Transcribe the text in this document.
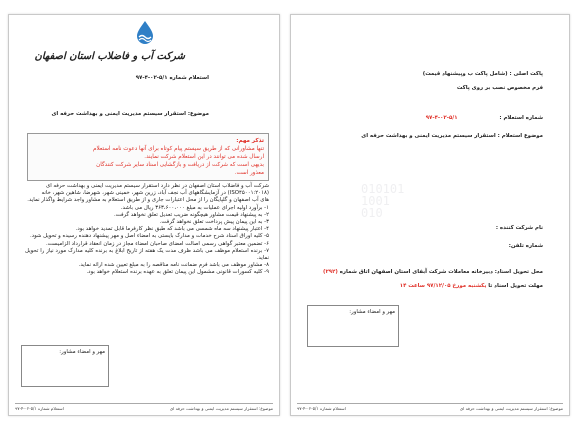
شرکت آب و فاضلاب استان اصفهان
استعلام شماره ۵/۱-۰۲-۴-۹۷
موضوع: استقرار سیستم مدیریت ایمنی و بهداشت حرفه ای
تذکر مهم:
تنها مشاورانی که از طریق سیستم پیام کوتاه برای آنها دعوت نامه استعلام
ارسال شده می توانند در این استعلام شرکت نمایند.
بدیهی است که شرکت از دریافت و بازگشایی اسناد سایر شرکت کنندگان
معذور است.
شرکت آب و فاضلاب استان اصفهان در نظر دارد استقرار سیستم مدیریت ایمنی و بهداشت حرفه ای
(ISO۴۵۰۰۱:۲۰۱۸) در آزمایشگاههای آب نجف آباد، زرین شهر، خمینی شهر، شهرضا، شاهین شهر، خانه
های آب اصفهان و گلپایگان را از محل اعتبارات جاری و از طریق استعلام به مشاور واجد شرایط واگذار نماید.
۱- برآورد اولیه اجرای عملیات به مبلغ ۳۶۳،۶۰۰،۰۰۰ ریال می باشد.
۲- به پیشنهاد قیمت مشاور هیچگونه ضریب تعدیل تعلق نخواهد گرفت.
۳- به این پیمان پیش پرداخت تعلق نخواهد گرفت.
۴- اعتبار پیشنهاد سه ماه شمسی می باشد که طبق نظر کارفرما قابل تمدید خواهد بود.
۵- کلیه اوراق اسناد شرح خدمات و مدارک بایستی به امضاء اصل و مهر پیشنهاد دهنده رسیده و تحویل شود.
۶- تضمین معتبر گواهی رسمی اصالت امضای صاحبان امضاء مجاز در زمان انعقاد قرارداد الزامیست.
۷- برنده استعلام موظف می باشد ظرف مدت یک هفته از تاریخ ابلاغ به برنده کلیه مدارک مورد نیاز را تحویل نماید.
۸- مشاور موظف می باشد فرم ضمانت نامه مناقصه را به مبلغ تعیین شده ارائه نماید.
۹- کلیه کسورات قانونی مشمول این پیمان تعلق به عهده برنده استعلام خواهد بود.
مهر و امضاء مشاور:
موضوع: استقرار سیستم مدیریت ایمنی و بهداشت حرفه ای
استعلام شماره ۵/۱-۰۲-۴-۹۷
010101
1001
010
پاکت اصلی : (شامل پاکت ب وپیشنهاد قیمت)
فرم مخصوص نصب بر روی پاکت
شماره استعلام : ۵/۱-۰۲-۴-۹۷
موضوع استعلام : استقرار سیستم مدیریت ایمنی و بهداشت حرفه ای
نام شرکت کننده :
شماره تلفن:
محل تحویل اسناد: دبیرخانه معاملات شرکت آبفای استان اصفهان اتاق شماره (۲۹۲)
مهلت تحویل اسناد تا یکشنبه مورخ ۹۷/۱۲/۰۵ ساعت ۱۴
مهر و امضاء مشاور:
موضوع: استقرار سیستم مدیریت ایمنی و بهداشت حرفه ای
استعلام شماره ۵/۱-۰۲-۴-۹۷
